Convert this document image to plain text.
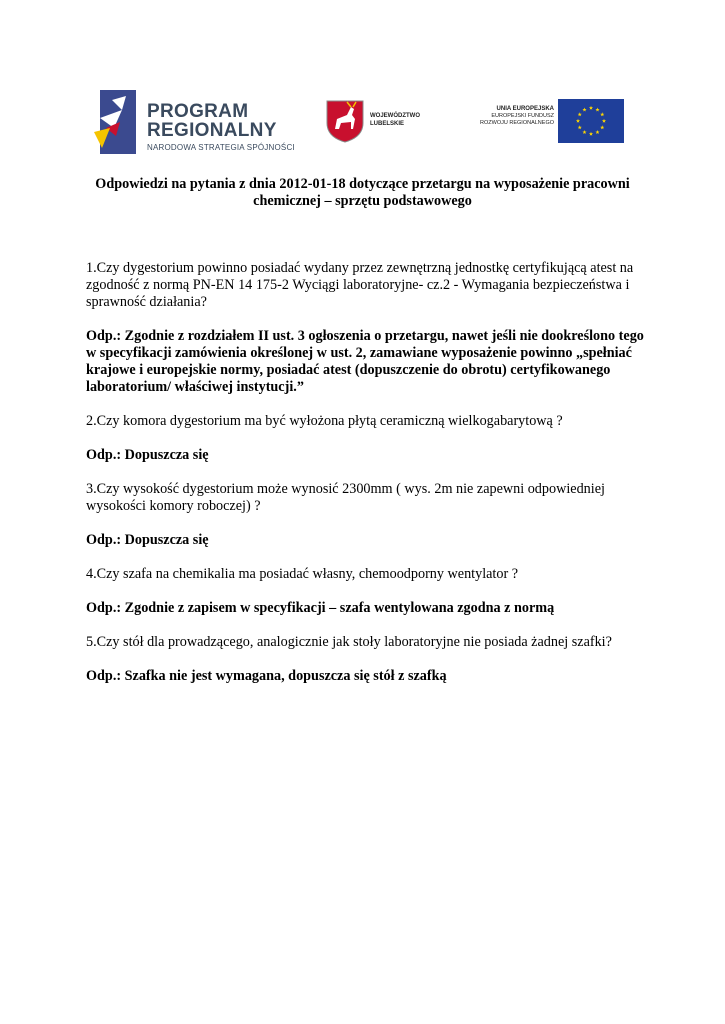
PROGRAM
REGIONALNY
NARODOWA STRATEGIA SPÓJNOŚCI
WOJEWÓDZTWO
LUBELSKIE
UNIA EUROPEJSKA
EUROPEJSKI FUNDUSZ
ROZWOJU REGIONALNEGO
Odpowiedzi na pytania z dnia 2012-01-18 dotyczące przetargu na wyposażenie pracowni
chemicznej – sprzętu podstawowego

1.Czy dygestorium powinno posiadać wydany przez zewnętrzną jednostkę certyfikującą atest na zgodność z normą PN-EN 14 175-2 Wyciągi laboratoryjne- cz.2 - Wymagania bezpieczeństwa i sprawność działania?

Odp.: Zgodnie z rozdziałem II ust. 3 ogłoszenia o przetargu, nawet jeśli nie dookreślono tego w specyfikacji zamówienia określonej w ust. 2, zamawiane wyposażenie powinno „spełniać krajowe i europejskie normy, posiadać atest (dopuszczenie do obrotu) certyfikowanego laboratorium/ właściwej instytucji.”

2.Czy komora dygestorium ma być wyłożona płytą ceramiczną wielkogabarytową ?

Odp.: Dopuszcza się

3.Czy wysokość dygestorium może wynosić 2300mm ( wys. 2m nie zapewni odpowiedniej wysokości komory roboczej) ?

Odp.: Dopuszcza się

4.Czy szafa na chemikalia ma posiadać własny, chemoodporny wentylator ?

Odp.: Zgodnie z zapisem w specyfikacji – szafa wentylowana zgodna z normą

5.Czy stół dla prowadzącego, analogicznie jak stoły laboratoryjne nie posiada żadnej szafki?

Odp.: Szafka nie jest wymagana, dopuszcza się stół z szafką
